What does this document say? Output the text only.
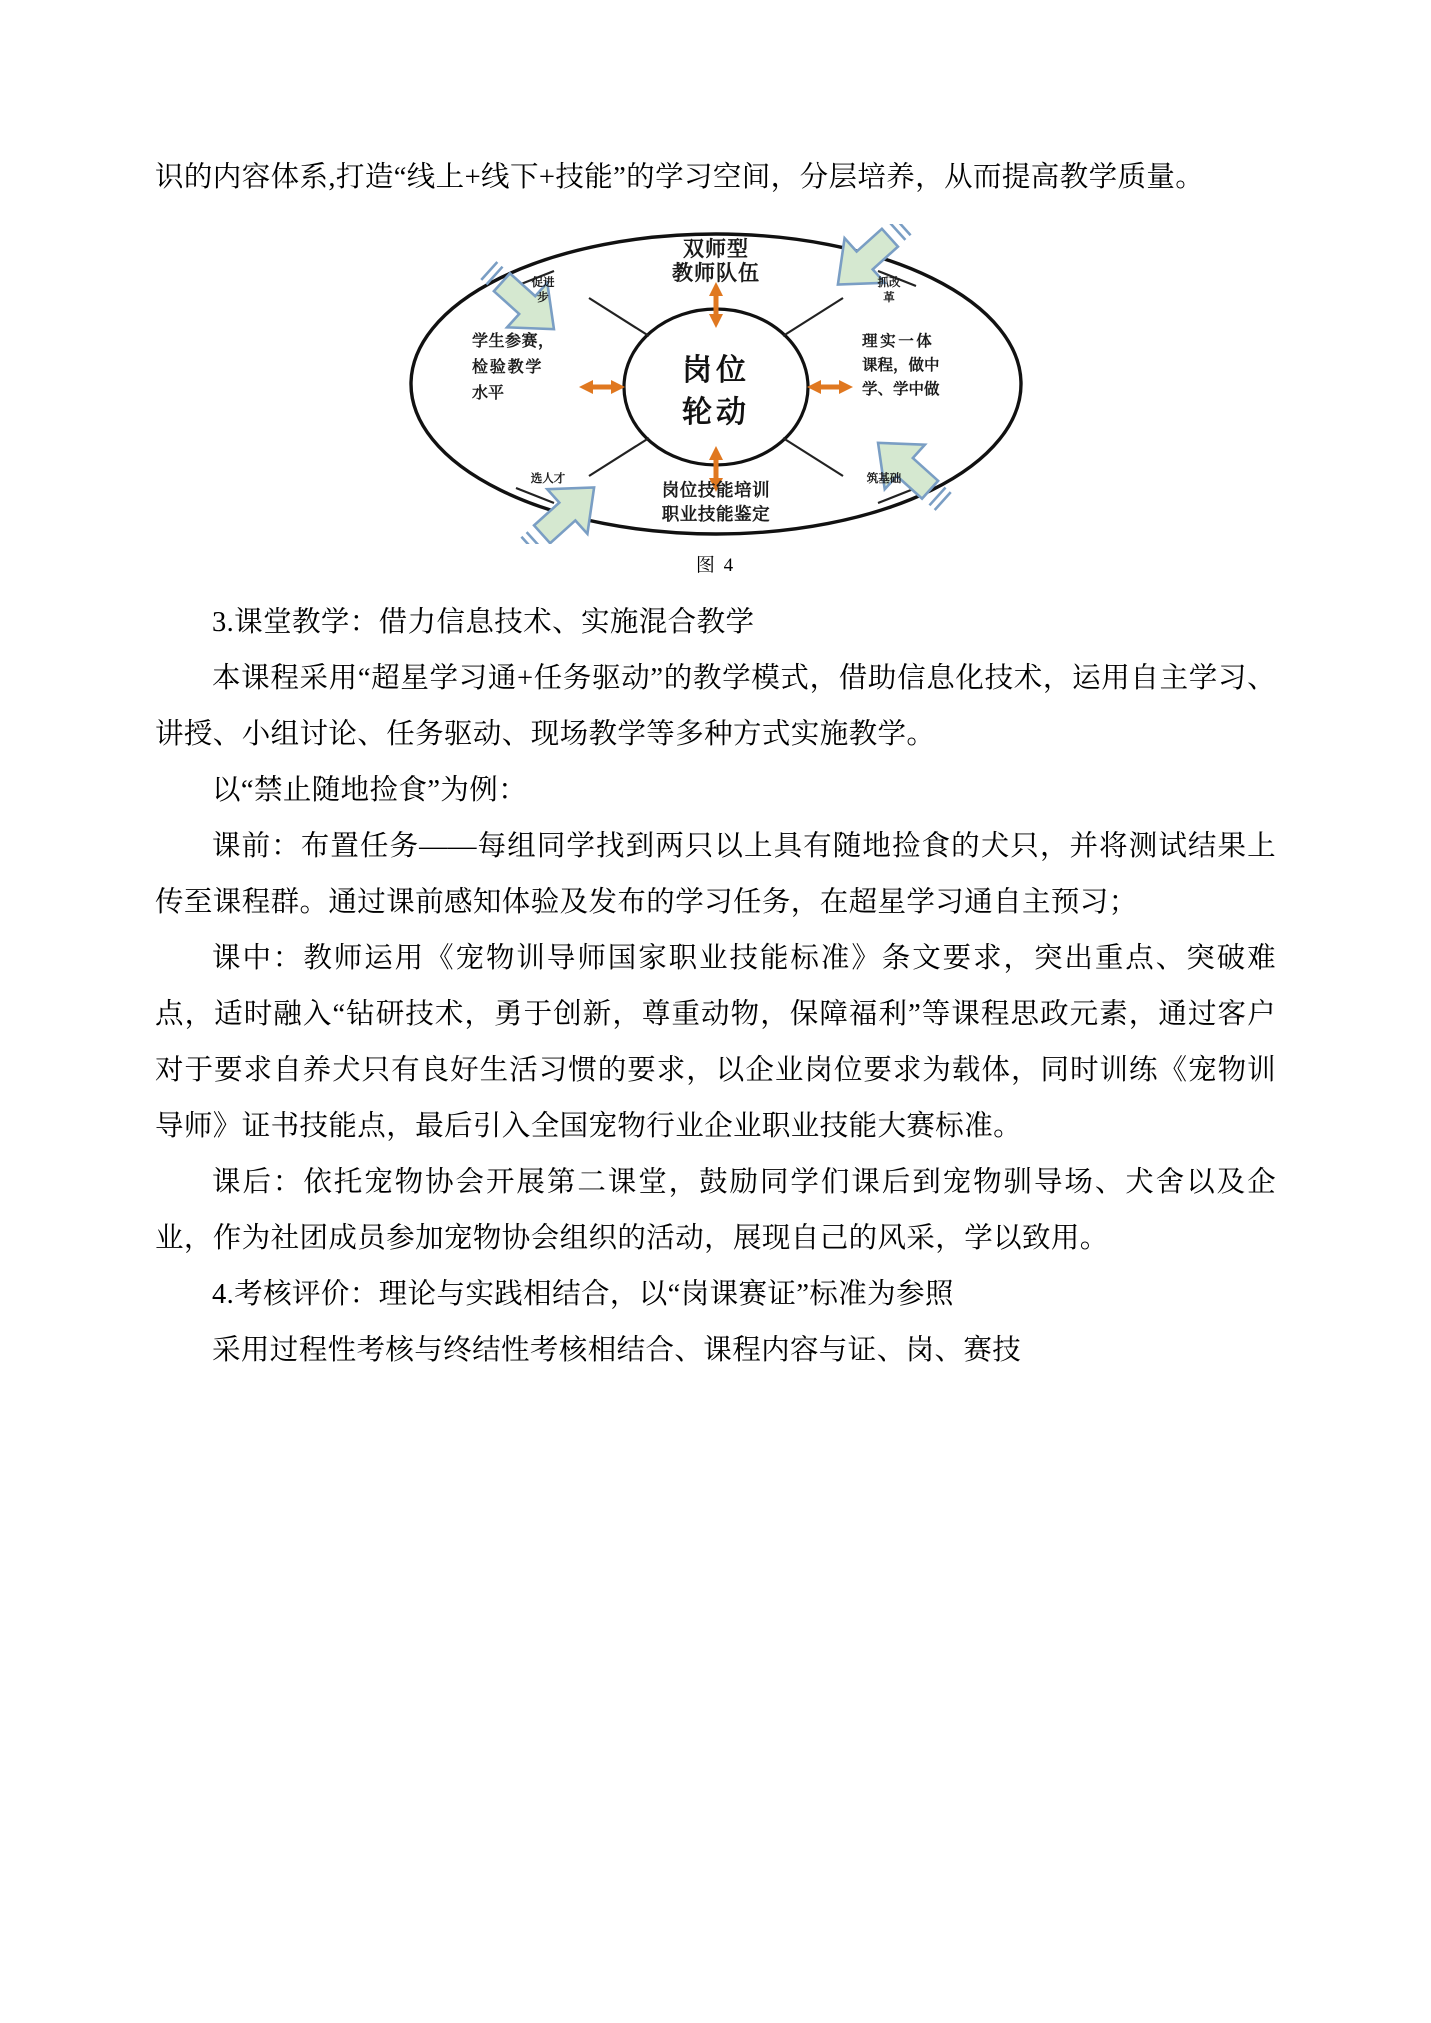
识的内容体系,打造“线上+线下+技能”的学习空间，分层培养，从而提高教学质量。

促进
步
抓改
革
选人才	筑基础
岗位
轮动
双师型
教师队伍
理实一体
课程，做中
学、学中做
学生参赛，
检验教学
水平
岗位技能培训
职业技能鉴定
图 4

3.课堂教学：借力信息技术、实施混合教学

本课程采用“超星学习通+任务驱动”的教学模式，借助信息化技术，运用自主学习、讲授、小组讨论、任务驱动、现场教学等多种方式实施教学。

以“禁止随地捡食”为例：

课前：布置任务——每组同学找到两只以上具有随地捡食的犬只，并将测试结果上传至课程群。通过课前感知体验及发布的学习任务，在超星学习通自主预习；

课中：教师运用《宠物训导师国家职业技能标准》条文要求，突出重点、突破难点，适时融入“钻研技术，勇于创新，尊重动物，保障福利”等课程思政元素，通过客户对于要求自养犬只有良好生活习惯的要求，以企业岗位要求为载体，同时训练《宠物训导师》证书技能点，最后引入全国宠物行业企业职业技能大赛标准。

课后：依托宠物协会开展第二课堂，鼓励同学们课后到宠物驯导场、犬舍以及企业，作为社团成员参加宠物协会组织的活动，展现自己的风采，学以致用。

4.考核评价：理论与实践相结合，以“岗课赛证”标准为参照

采用过程性考核与终结性考核相结合、课程内容与证、岗、赛技
